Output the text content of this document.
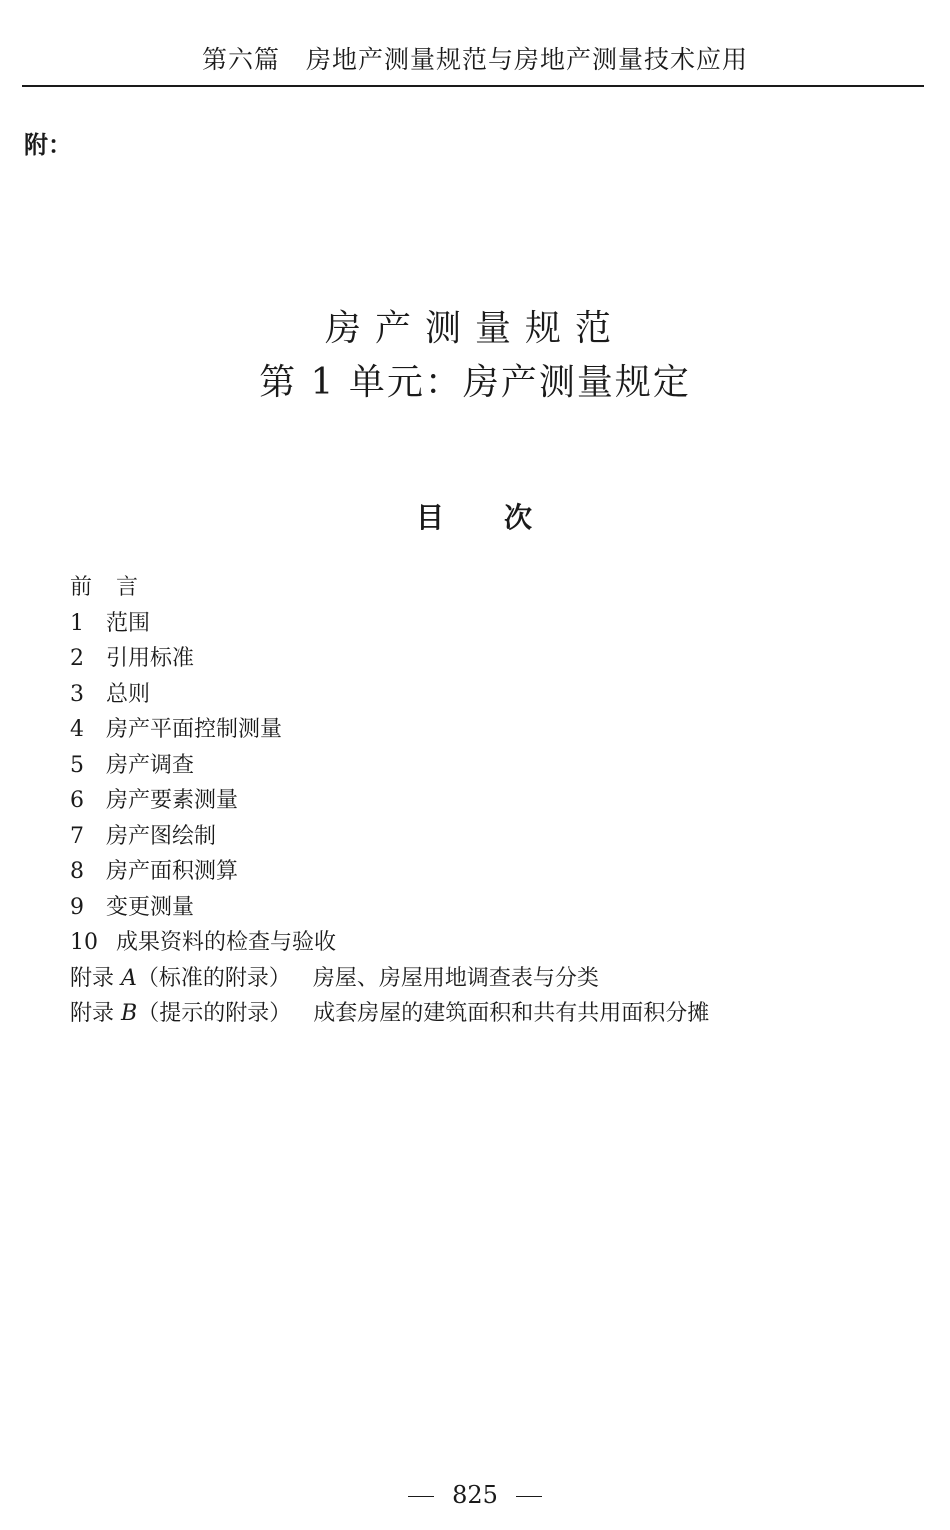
第六篇　房地产测量规范与房地产测量技术应用
附：
房产测量规范
第 1 单元：房产测量规定
目 次
前言
1 范围
2 引用标准
3 总则
4 房产平面控制测量
5 房产调查
6 房产要素测量
7 房产图绘制
8 房产面积测算
9 变更测量
10 成果资料的检查与验收
附录 A（标准的附录） 房屋、房屋用地调查表与分类
附录 B（提示的附录） 成套房屋的建筑面积和共有共用面积分摊
825
